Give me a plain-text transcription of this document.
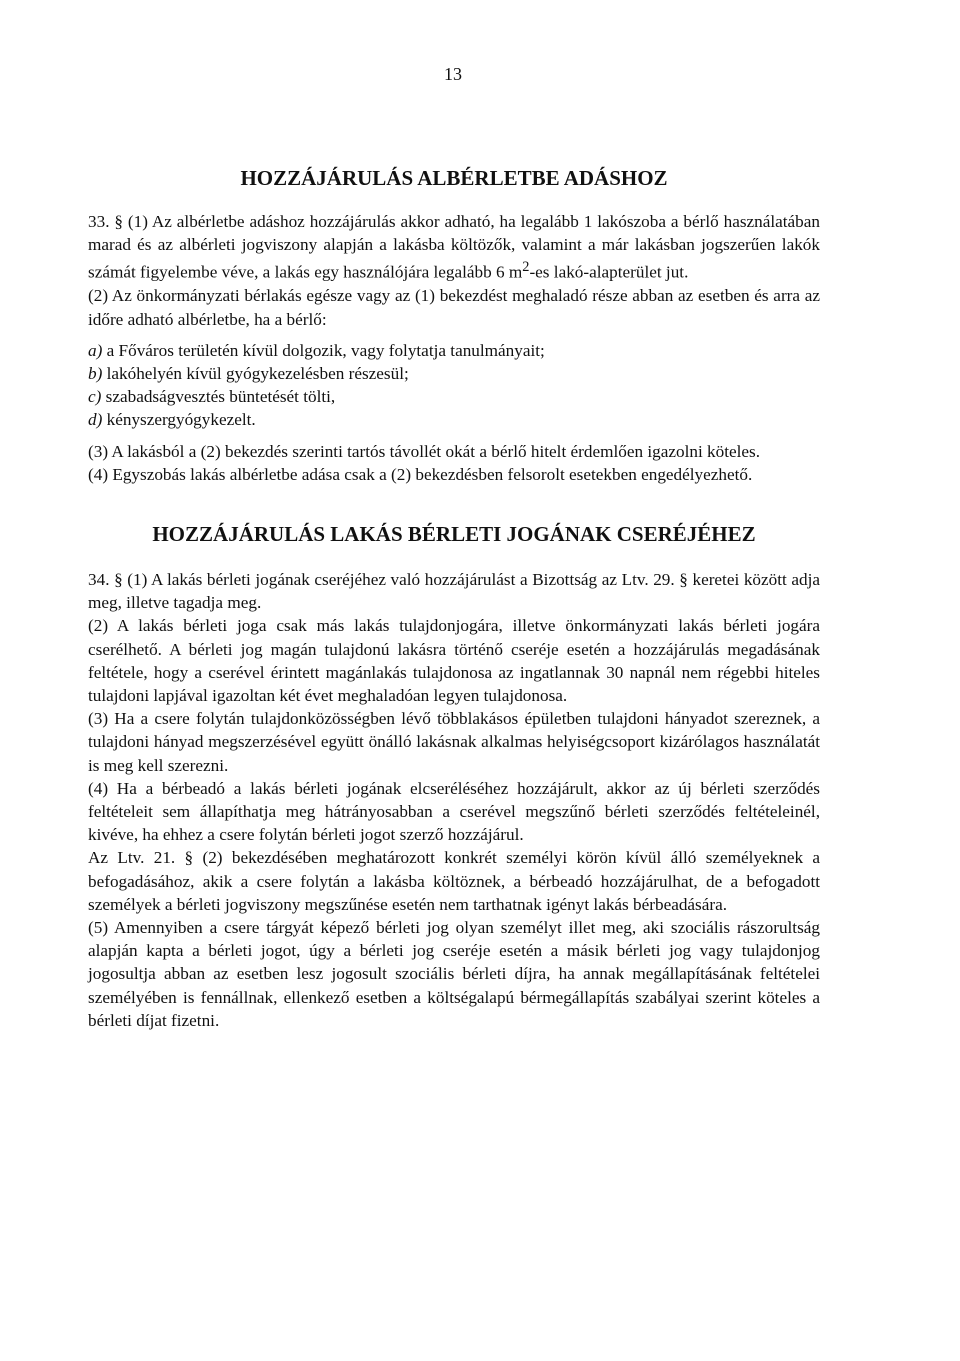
13

HOZZÁJÁRULÁS ALBÉRLETBE ADÁSHOZ

33. § (1) Az albérletbe adáshoz hozzájárulás akkor adható, ha legalább 1 lakószoba a bérlő használatában marad és az albérleti jogviszony alapján a lakásba költözők, valamint a már lakásban jogszerűen lakók számát figyelembe véve, a lakás egy használójára legalább 6 $m^2-es$ lakó-alapterület jut.

(2) Az önkormányzati bérlakás egésze vagy az (1) bekezdést meghaladó része abban az esetben és arra az időre adható albérletbe, ha a bérlő:

a) a Főváros területén kívül dolgozik, vagy folytatja tanulmányait;
b) lakóhelyén kívül gyógykezelésben részesül;
c) szabadságvesztés büntetését tölti,
d) kényszergyógykezelt.

(3) A lakásból a (2) bekezdés szerinti tartós távollét okát a bérlő hitelt érdemlően igazolni köteles.

(4) Egyszobás lakás albérletbe adása csak a (2) bekezdésben felsorolt esetekben engedélyezhető.

HOZZÁJÁRULÁS LAKÁS BÉRLETI JOGÁNAK CSERÉJÉHEZ

34. § (1) A lakás bérleti jogának cseréjéhez való hozzájárulást a Bizottság az Ltv. 29. § keretei között adja meg, illetve tagadja meg.

(2) A lakás bérleti joga csak más lakás tulajdonjogára, illetve önkormányzati lakás bérleti jogára cserélhető. A bérleti jog magán tulajdonú lakásra történő cseréje esetén a hozzájárulás megadásának feltétele, hogy a cserével érintett magánlakás tulajdonosa az ingatlannak 30 napnál nem régebbi hiteles tulajdoni lapjával igazoltan két évet meghaladóan legyen tulajdonosa.

(3) Ha a csere folytán tulajdonközösségben lévő többlakásos épületben tulajdoni hányadot szereznek, a tulajdoni hányad megszerzésével együtt önálló lakásnak alkalmas helyiségcsoport kizárólagos használatát is meg kell szerezni.

(4) Ha a bérbeadó a lakás bérleti jogának elcseréléséhez hozzájárult, akkor az új bérleti szerződés feltételeit sem állapíthatja meg hátrányosabban a cserével megszűnő bérleti szerződés feltételeinél, kivéve, ha ehhez a csere folytán bérleti jogot szerző hozzájárul.

Az Ltv. 21. § (2) bekezdésében meghatározott konkrét személyi körön kívül álló személyeknek a befogadásához, akik a csere folytán a lakásba költöznek, a bérbeadó hozzájárulhat, de a befogadott személyek a bérleti jogviszony megszűnése esetén nem tarthatnak igényt lakás bérbeadására.

(5) Amennyiben a csere tárgyát képező bérleti jog olyan személyt illet meg, aki szociális rászorultság alapján kapta a bérleti jogot, úgy a bérleti jog cseréje esetén a másik bérleti jog vagy tulajdonjog jogosultja abban az esetben lesz jogosult szociális bérleti díjra, ha annak megállapításának feltételei személyében is fennállnak, ellenkező esetben a költségalapú bérmegállapítás szabályai szerint köteles a bérleti díjat fizetni.
